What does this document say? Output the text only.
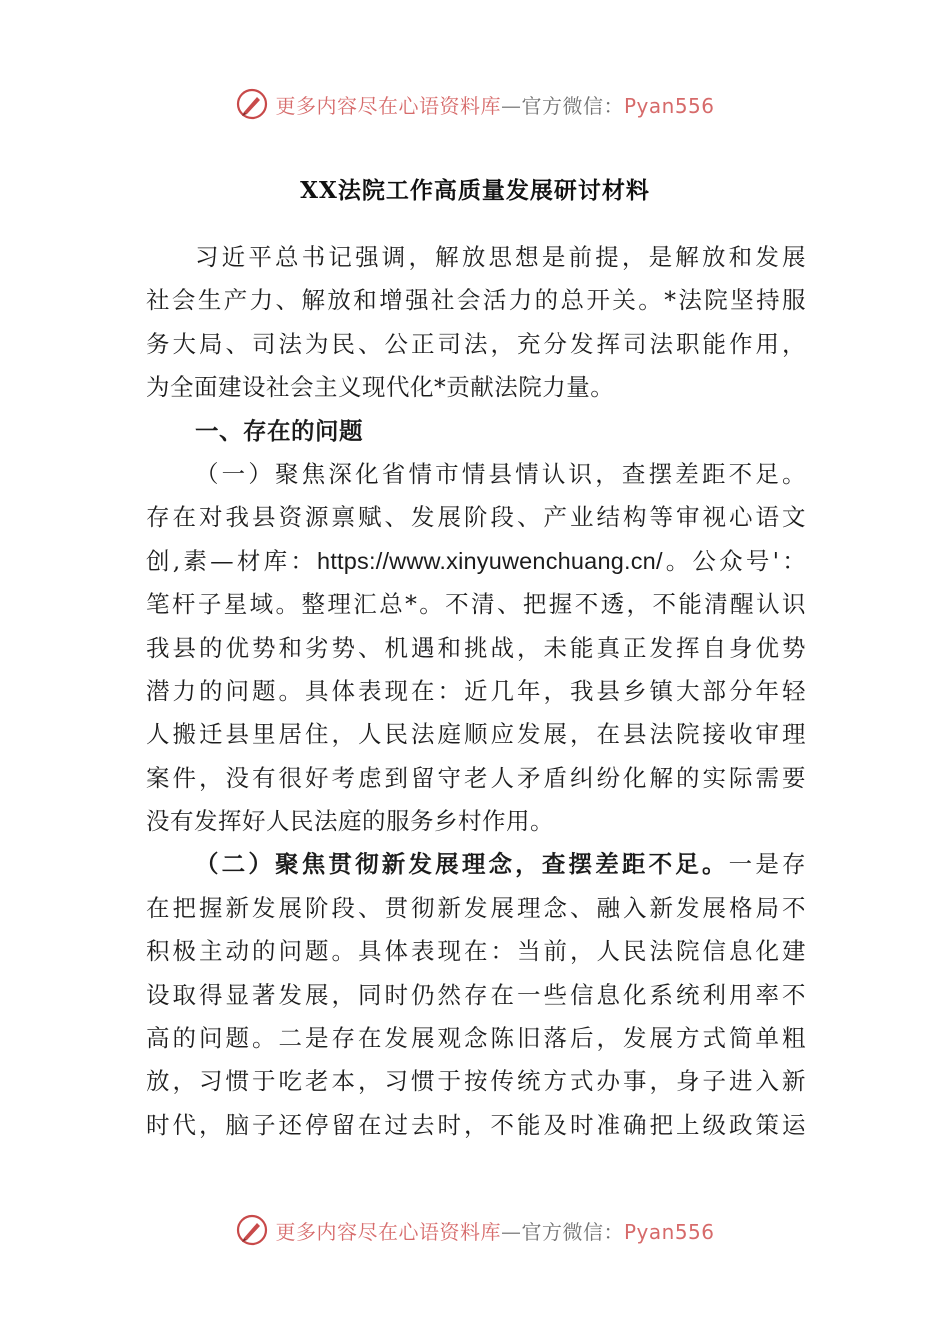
更多内容尽在心语资料库—官方微信：Pyan556
XX法院工作高质量发展研讨材料
习近平总书记强调，解放思想是前提，是解放和发展
社会生产力、解放和增强社会活力的总开关。*法院坚持服
务大局、司法为民、公正司法，充分发挥司法职能作用，
为全面建设社会主义现代化*贡献法院力量。
一、存在的问题
（一）聚焦深化省情市情县情认识，查摆差距不足。
存在对我县资源禀赋、发展阶段、产业结构等审视心语文
创,素—材库：https://www.xinyuwenchuang.cn/。公众号'：
笔杆子星域。整理汇总*。不清、把握不透，不能清醒认识
我县的优势和劣势、机遇和挑战，未能真正发挥自身优势
潜力的问题。具体表现在：近几年，我县乡镇大部分年轻
人搬迁县里居住，人民法庭顺应发展，在县法院接收审理
案件，没有很好考虑到留守老人矛盾纠纷化解的实际需要
没有发挥好人民法庭的服务乡村作用。
（二）聚焦贯彻新发展理念，查摆差距不足。一是存
在把握新发展阶段、贯彻新发展理念、融入新发展格局不
积极主动的问题。具体表现在：当前，人民法院信息化建
设取得显著发展，同时仍然存在一些信息化系统利用率不
高的问题。二是存在发展观念陈旧落后，发展方式简单粗
放，习惯于吃老本，习惯于按传统方式办事，身子进入新
时代，脑子还停留在过去时，不能及时准确把上级政策运
更多内容尽在心语资料库—官方微信：Pyan556
